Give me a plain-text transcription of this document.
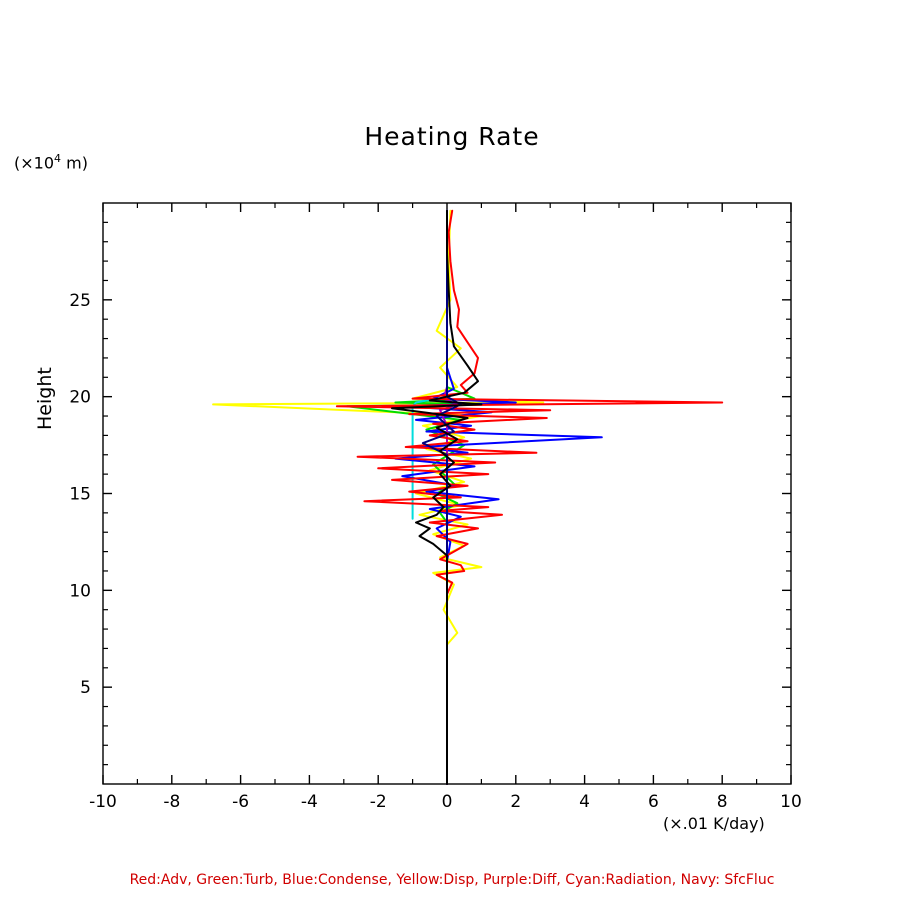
Heating Rate
($\times 10^4$ m)
Height
(×.01 K/day)
-10	-8	-6	-4	-2	0	2	4	6	8	10
5
10
15
20
25
Red:Adv, Green:Turb, Blue:Condense, Yellow:Disp, Purple:Diff, Cyan:Radiation, Navy: SfcFluc
